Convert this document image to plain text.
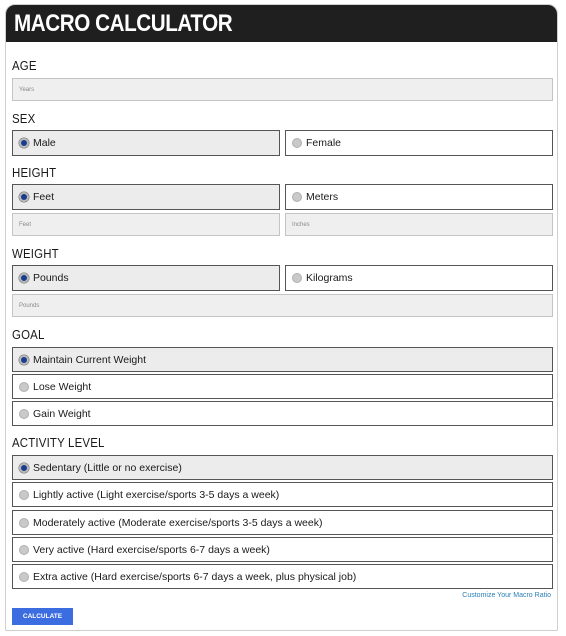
MACRO CALCULATOR
AGE
Years
SEX
Male	Female
HEIGHT
Feet	Meters
Feet	Inches
WEIGHT
Pounds	Kilograms
Pounds
GOAL
Maintain Current Weight
Lose Weight
Gain Weight
ACTIVITY LEVEL
Sedentary (Little or no exercise)
Lightly active (Light exercise/sports 3-5 days a week)
Moderately active (Moderate exercise/sports 3-5 days a week)
Very active (Hard exercise/sports 6-7 days a week)
Extra active (Hard exercise/sports 6-7 days a week, plus physical job)
Customize Your Macro Ratio
CALCULATE
